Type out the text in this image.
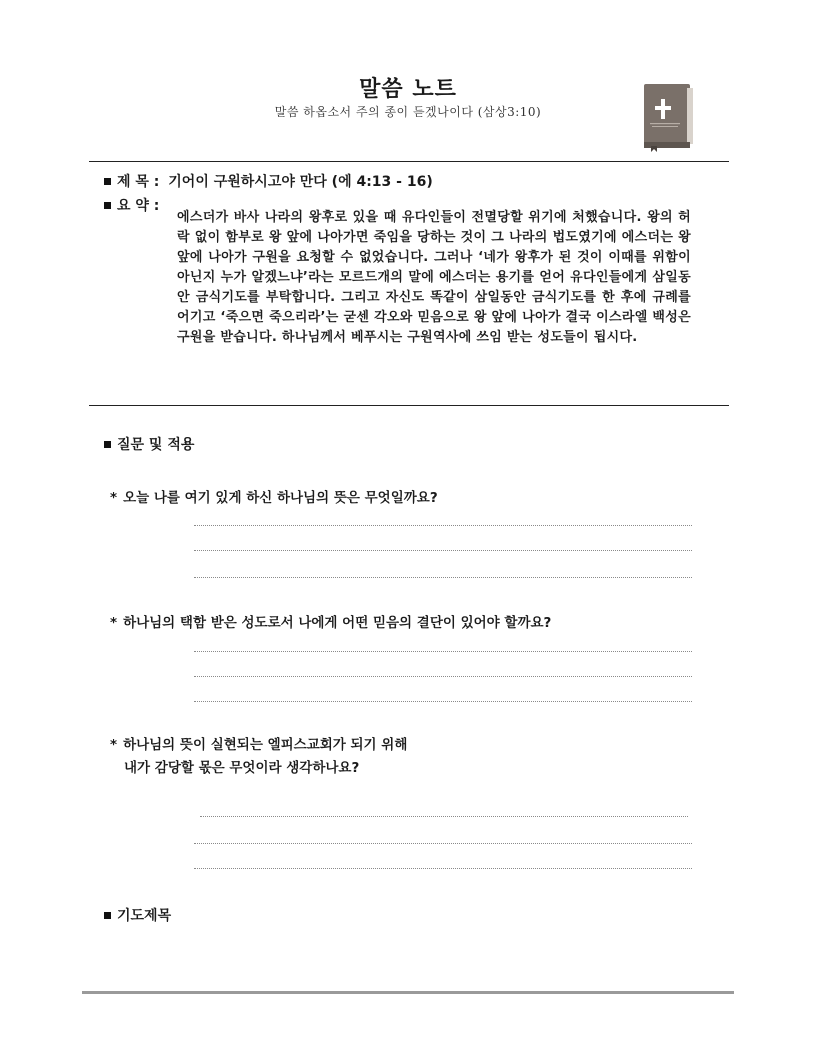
말씀 노트
말씀 하옵소서 주의 종이 듣겠나이다 (삼상3:10)
제 목 : 기어이 구원하시고야 만다 (에 4:13 - 16)
요 약 :
에스더가 바사 나라의 왕후로 있을 때 유다인들이 전멸당할 위기에 처했습니다. 왕의 허락 없이 함부로 왕 앞에 나아가면 죽임을 당하는 것이 그 나라의 법도였기에 에스더는 왕 앞에 나아가 구원을 요청할 수 없었습니다. 그러나 ‘네가 왕후가 된 것이 이때를 위함이 아닌지 누가 알겠느냐’라는 모르드개의 말에 에스더는 용기를 얻어 유다인들에게 삼일동안 금식기도를 부탁합니다. 그리고 자신도 똑같이 삼일동안 금식기도를 한 후에 규례를 어기고 ‘죽으면 죽으리라’는 굳센 각오와 믿음으로 왕 앞에 나아가 결국 이스라엘 백성은 구원을 받습니다. 하나님께서 베푸시는 구원역사에 쓰임 받는 성도들이 됩시다.
질문 및 적용
* 오늘 나를 여기 있게 하신 하나님의 뜻은 무엇일까요?
* 하나님의 택함 받은 성도로서 나에게 어떤 믿음의 결단이 있어야 할까요?
* 하나님의 뜻이 실현되는 엘피스교회가 되기 위해
내가 감당할 몫은 무엇이라 생각하나요?
기도제목
